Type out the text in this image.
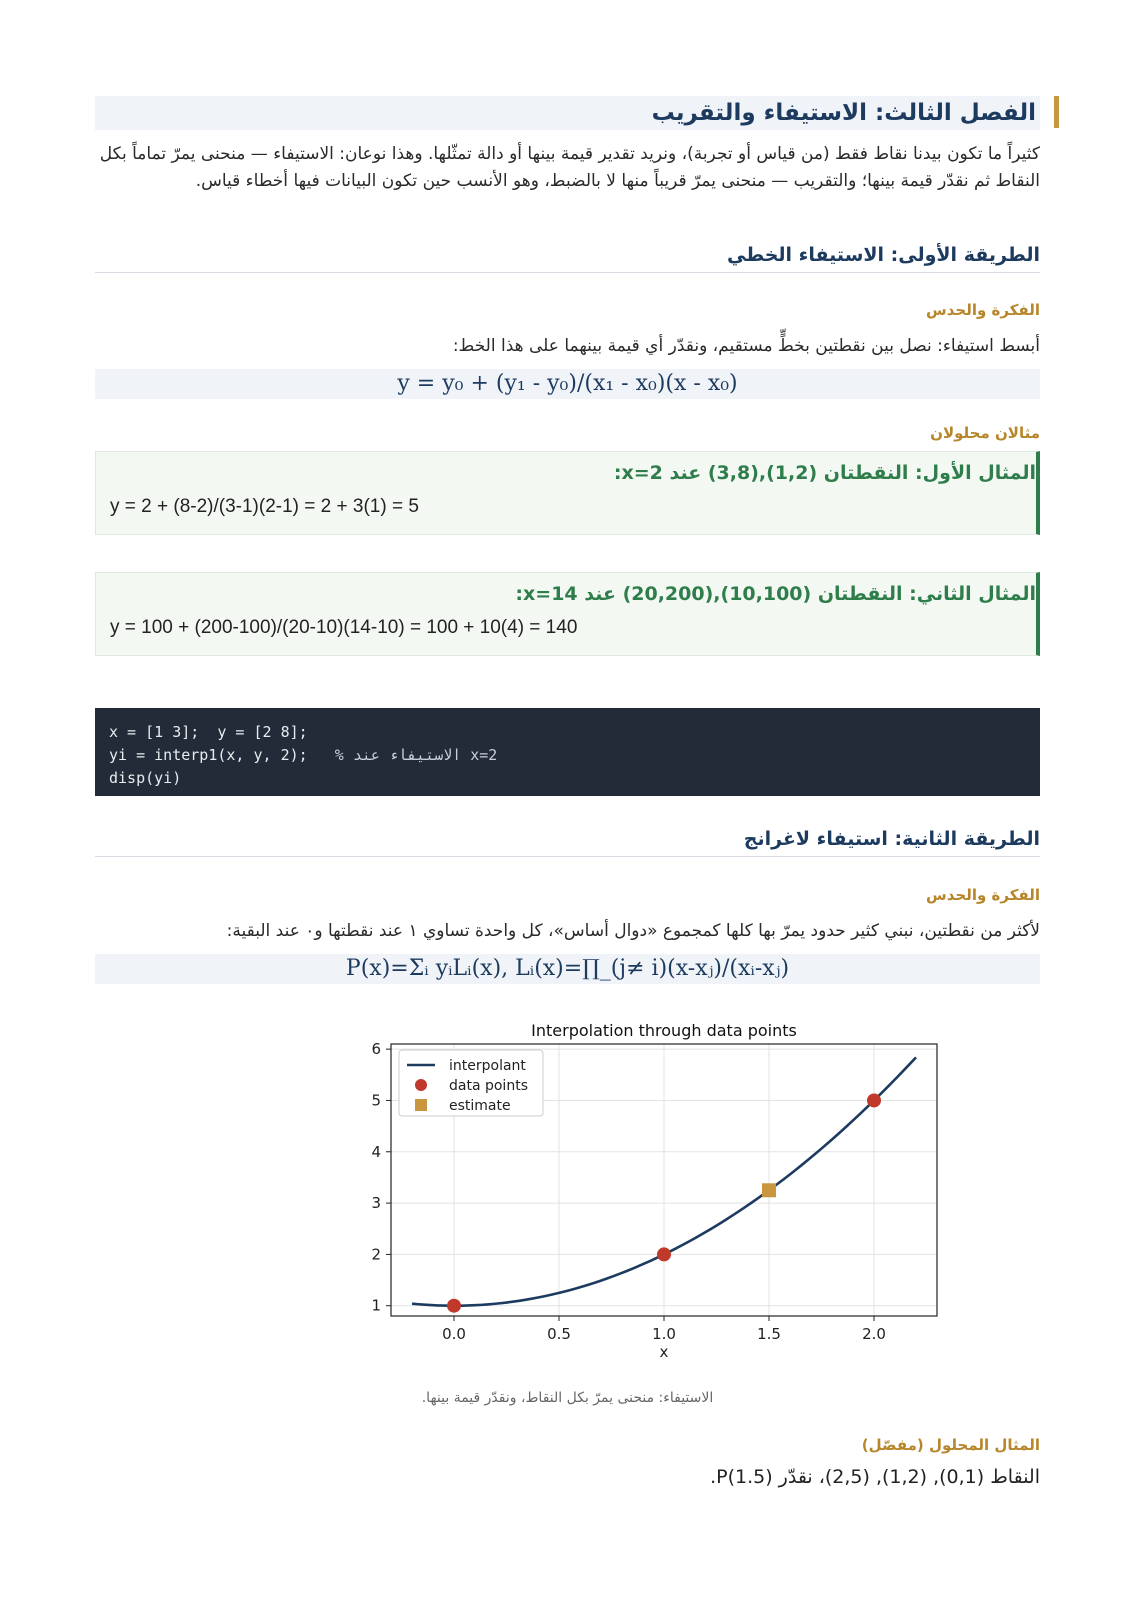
الفصل الثالث: الاستيفاء والتقريب
كثيراً ما تكون بيدنا نقاط فقط (من قياس أو تجربة)، ونريد تقدير قيمة بينها أو دالة تمثّلها. وهذا نوعان: الاستيفاء — منحنى يمرّ تماماً بكل النقاط ثم نقدّر قيمة بينها؛ والتقريب — منحنى يمرّ قريباً منها لا بالضبط، وهو الأنسب حين تكون البيانات فيها أخطاء قياس.
الطريقة الأولى: الاستيفاء الخطي
الفكرة والحدس
أبسط استيفاء: نصل بين نقطتين بخطٍّ مستقيم، ونقدّر أي قيمة بينهما على هذا الخط:
y = y₀ + (y₁ - y₀)/(x₁ - x₀)(x - x₀)
مثالان محلولان
المثال الأول: النقطتان (1,2),(3,8) عند x=2:
y = 2 + (8-2)/(3-1)(2-1) = 2 + 3(1) = 5
المثال الثاني: النقطتان (10,100),(20,200) عند x=14:
y = 100 + (200-100)/(20-10)(14-10) = 100 + 10(4) = 140
x = [1 3];  y = [2 8];
yi = interp1(x, y, 2);   % الاستيفاء عند x=2
disp(yi)
الطريقة الثانية: استيفاء لاغرانج
الفكرة والحدس
لأكثر من نقطتين، نبني كثير حدود يمرّ بها كلها كمجموع «دوال أساس»، كل واحدة تساوي ١ عند نقطتها و٠ عند البقية:
P(x)=Σᵢ yᵢLᵢ(x), Lᵢ(x)=∏_(j≠ i)(x-xⱼ)/(xᵢ-xⱼ)
Interpolation through data points
0.0	0.5	1.0	1.5	2.0
1
2
3
4
5
6
x
interpolant
data points
estimate
الاستيفاء: منحنى يمرّ بكل النقاط، ونقدّر قيمة بينها.
المثال المحلول (مفصّل)
النقاط (0,1), (1,2), (2,5)، نقدّر P(1.5).
